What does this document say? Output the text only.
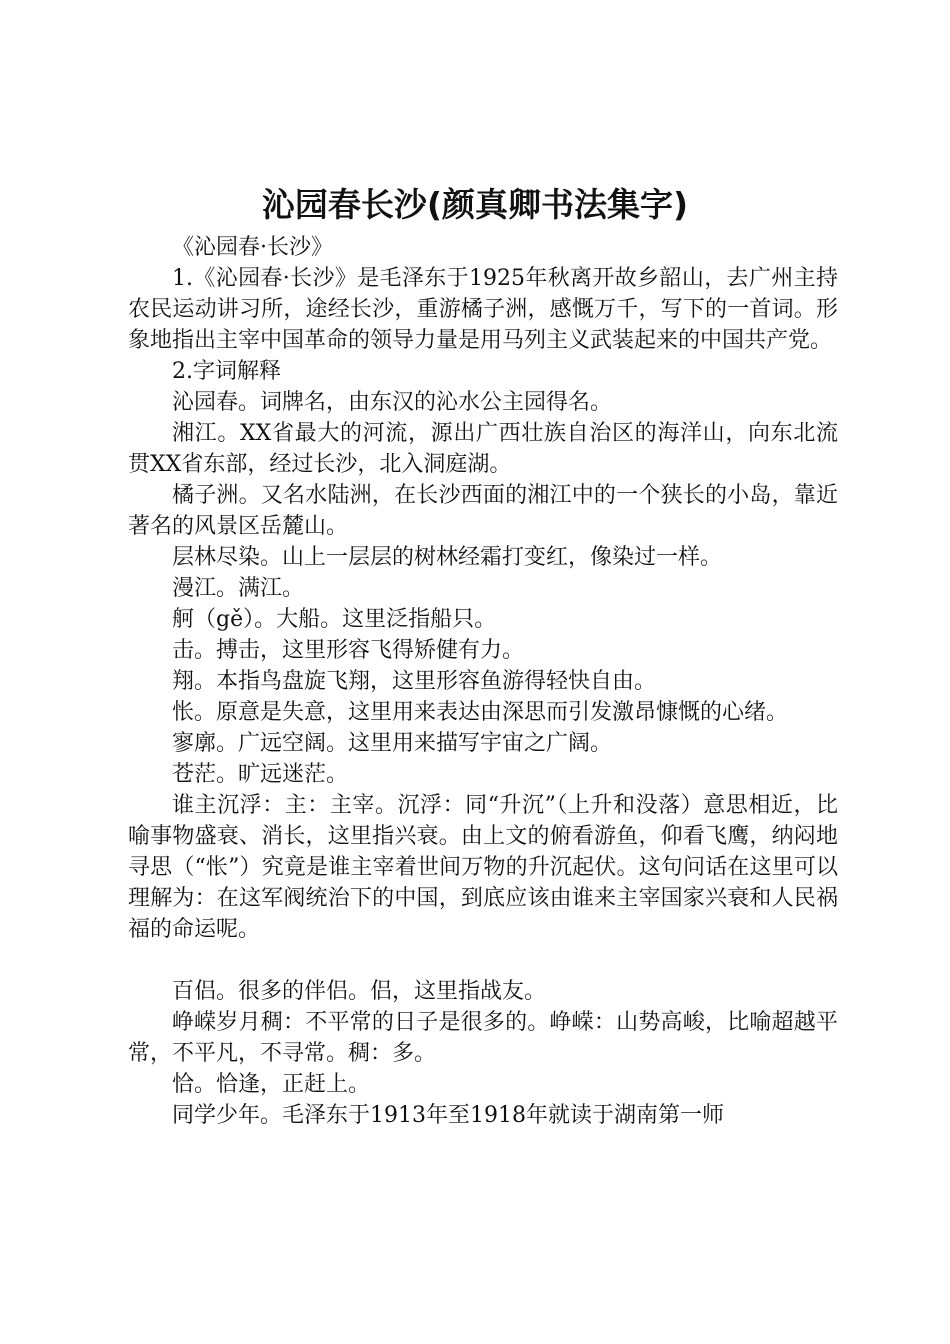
沁园春长沙(颜真卿书法集字)

《沁园春·长沙》

1.《沁园春·长沙》是毛泽东于1925年秋离开故乡韶山，去广州主持农民运动讲习所，途经长沙，重游橘子洲，感慨万千，写下的一首词。形象地指出主宰中国革命的领导力量是用马列主义武装起来的中国共产党。

2.字词解释

沁园春。词牌名，由东汉的沁水公主园得名。

湘江。XX省最大的河流，源出广西壮族自治区的海洋山，向东北流贯XX省东部，经过长沙，北入洞庭湖。

橘子洲。又名水陆洲，在长沙西面的湘江中的一个狭长的小岛，靠近著名的风景区岳麓山。

层林尽染。山上一层层的树林经霜打变红，像染过一样。

漫江。满江。

舸（gě）。大船。这里泛指船只。

击。搏击，这里形容飞得矫健有力。

翔。本指鸟盘旋飞翔，这里形容鱼游得轻快自由。

怅。原意是失意，这里用来表达由深思而引发激昂慷慨的心绪。

寥廓。广远空阔。这里用来描写宇宙之广阔。

苍茫。旷远迷茫。

谁主沉浮：主：主宰。沉浮：同“升沉”（上升和没落）意思相近，比喻事物盛衰、消长，这里指兴衰。由上文的俯看游鱼，仰看飞鹰，纳闷地寻思（“怅”）究竟是谁主宰着世间万物的升沉起伏。这句问话在这里可以理解为：在这军阀统治下的中国，到底应该由谁来主宰国家兴衰和人民祸福的命运呢。

百侣。很多的伴侣。侣，这里指战友。

峥嵘岁月稠：不平常的日子是很多的。峥嵘：山势高峻，比喻超越平常，不平凡，不寻常。稠：多。

恰。恰逢，正赶上。

同学少年。毛泽东于1913年至1918年就读于湖南第一师
